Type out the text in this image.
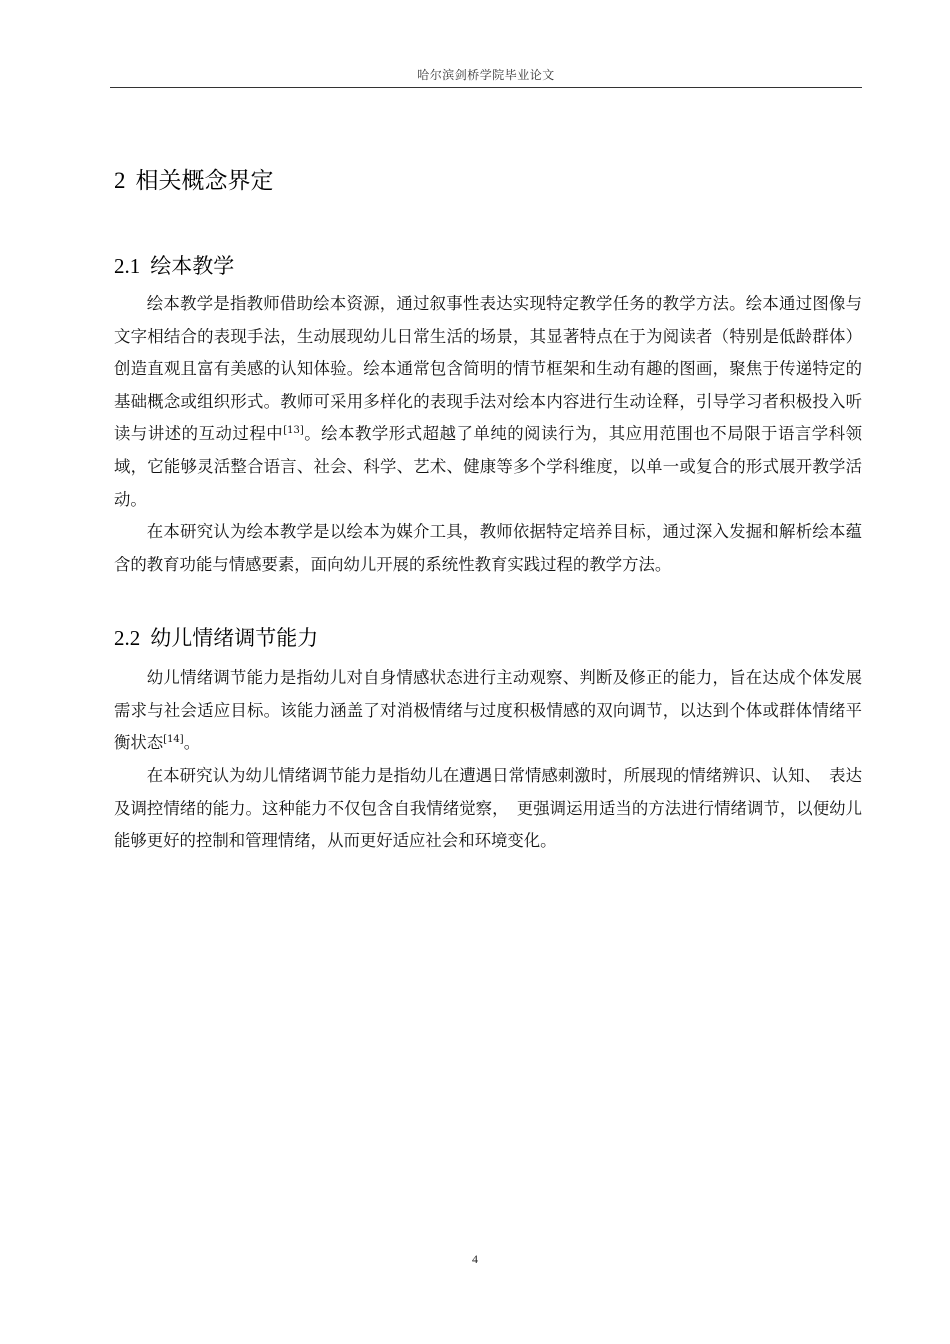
哈尔滨剑桥学院毕业论文
2 相关概念界定
2.1 绘本教学

绘本教学是指教师借助绘本资源，通过叙事性表达实现特定教学任务的教学方法。绘本通过图像与文字相结合的表现手法，生动展现幼儿日常生活的场景，其显著特点在于为阅读者（特别是低龄群体）创造直观且富有美感的认知体验。绘本通常包含简明的情节框架和生动有趣的图画，聚焦于传递特定的基础概念或组织形式。教师可采用多样化的表现手法对绘本内容进行生动诠释，引导学习者积极投入听读与讲述的互动过程中[13]。绘本教学形式超越了单纯的阅读行为，其应用范围也不局限于语言学科领域，它能够灵活整合语言、社会、科学、艺术、健康等多个学科维度，以单一或复合的形式展开教学活动。

在本研究认为绘本教学是以绘本为媒介工具，教师依据特定培养目标，通过深入发掘和解析绘本蕴含的教育功能与情感要素，面向幼儿开展的系统性教育实践过程的教学方法。

2.2 幼儿情绪调节能力

幼儿情绪调节能力是指幼儿对自身情感状态进行主动观察、判断及修正的能力，旨在达成个体发展需求与社会适应目标。该能力涵盖了对消极情绪与过度积极情感的双向调节，以达到个体或群体情绪平衡状态[14]。

在本研究认为幼儿情绪调节能力是指幼儿在遭遇日常情感刺激时，所展现的情绪辨识、认知、　表达及调控情绪的能力。这种能力不仅包含自我情绪觉察，　更强调运用适当的方法进行情绪调节，以便幼儿能够更好的控制和管理情绪，从而更好适应社会和环境变化。

4
